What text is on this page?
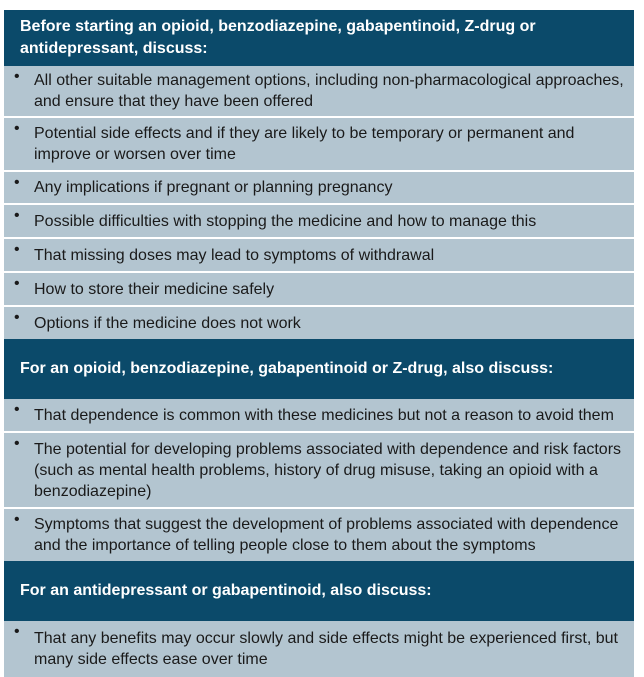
Before starting an opioid, benzodiazepine, gabapentinoid, Z-drug or antidepressant, discuss:
• All other suitable management options, including non-pharmacological approaches, and ensure that they have been offered
• Potential side effects and if they are likely to be temporary or permanent and improve or worsen over time
• Any implications if pregnant or planning pregnancy
• Possible difficulties with stopping the medicine and how to manage this
• That missing doses may lead to symptoms of withdrawal
• How to store their medicine safely
• Options if the medicine does not work
For an opioid, benzodiazepine, gabapentinoid or Z-drug, also discuss:
• That dependence is common with these medicines but not a reason to avoid them
• The potential for developing problems associated with dependence and risk factors (such as mental health problems, history of drug misuse, taking an opioid with a benzodiazepine)
• Symptoms that suggest the development of problems associated with dependence and the importance of telling people close to them about the symptoms
For an antidepressant or gabapentinoid, also discuss:
• That any benefits may occur slowly and side effects might be experienced first, but many side effects ease over time
